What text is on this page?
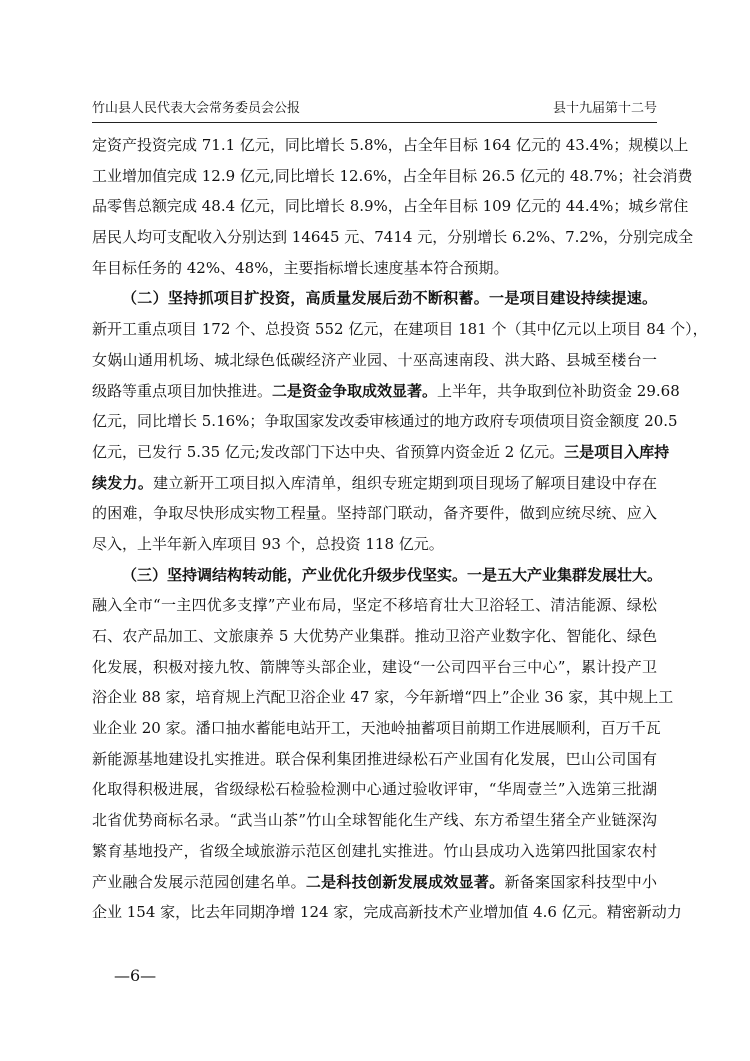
竹山县人民代表大会常务委员会公报	县十九届第十二号
定资产投资完成 71.1 亿元，同比增长 5.8%，占全年目标 164 亿元的 43.4%；规模以上
工业增加值完成 12.9 亿元,同比增长 12.6%，占全年目标 26.5 亿元的 48.7%；社会消费
品零售总额完成 48.4 亿元，同比增长 8.9%，占全年目标 109 亿元的 44.4%；城乡常住
居民人均可支配收入分别达到 14645 元、7414 元，分别增长 6.2%、7.2%，分别完成全
年目标任务的 42%、48%，主要指标增长速度基本符合预期。
（二）坚持抓项目扩投资，高质量发展后劲不断积蓄。一是项目建设持续提速。
新开工重点项目 172 个、总投资 552 亿元，在建项目 181 个（其中亿元以上项目 84 个），
女娲山通用机场、城北绿色低碳经济产业园、十巫高速南段、洪大路、县城至楼台一
级路等重点项目加快推进。二是资金争取成效显著。上半年，共争取到位补助资金 29.68
亿元，同比增长 5.16%；争取国家发改委审核通过的地方政府专项债项目资金额度 20.5
亿元，已发行 5.35 亿元;发改部门下达中央、省预算内资金近 2 亿元。三是项目入库持
续发力。建立新开工项目拟入库清单，组织专班定期到项目现场了解项目建设中存在
的困难，争取尽快形成实物工程量。坚持部门联动，备齐要件，做到应统尽统、应入
尽入，上半年新入库项目 93 个，总投资 118 亿元。
（三）坚持调结构转动能，产业优化升级步伐坚实。一是五大产业集群发展壮大。
融入全市“一主四优多支撑”产业布局，坚定不移培育壮大卫浴轻工、清洁能源、绿松
石、农产品加工、文旅康养 5 大优势产业集群。推动卫浴产业数字化、智能化、绿色
化发展，积极对接九牧、箭牌等头部企业，建设“一公司四平台三中心”，累计投产卫
浴企业 88 家，培育规上汽配卫浴企业 47 家，今年新增“四上”企业 36 家，其中规上工
业企业 20 家。潘口抽水蓄能电站开工，天池岭抽蓄项目前期工作进展顺利，百万千瓦
新能源基地建设扎实推进。联合保利集团推进绿松石产业国有化发展，巴山公司国有
化取得积极进展，省级绿松石检验检测中心通过验收评审，“华周壹兰”入选第三批湖
北省优势商标名录。“武当山茶”竹山全球智能化生产线、东方希望生猪全产业链深沟
繁育基地投产，省级全域旅游示范区创建扎实推进。竹山县成功入选第四批国家农村
产业融合发展示范园创建名单。二是科技创新发展成效显著。新备案国家科技型中小
企业 154 家，比去年同期净增 124 家，完成高新技术产业增加值 4.6 亿元。精密新动力
—6—
